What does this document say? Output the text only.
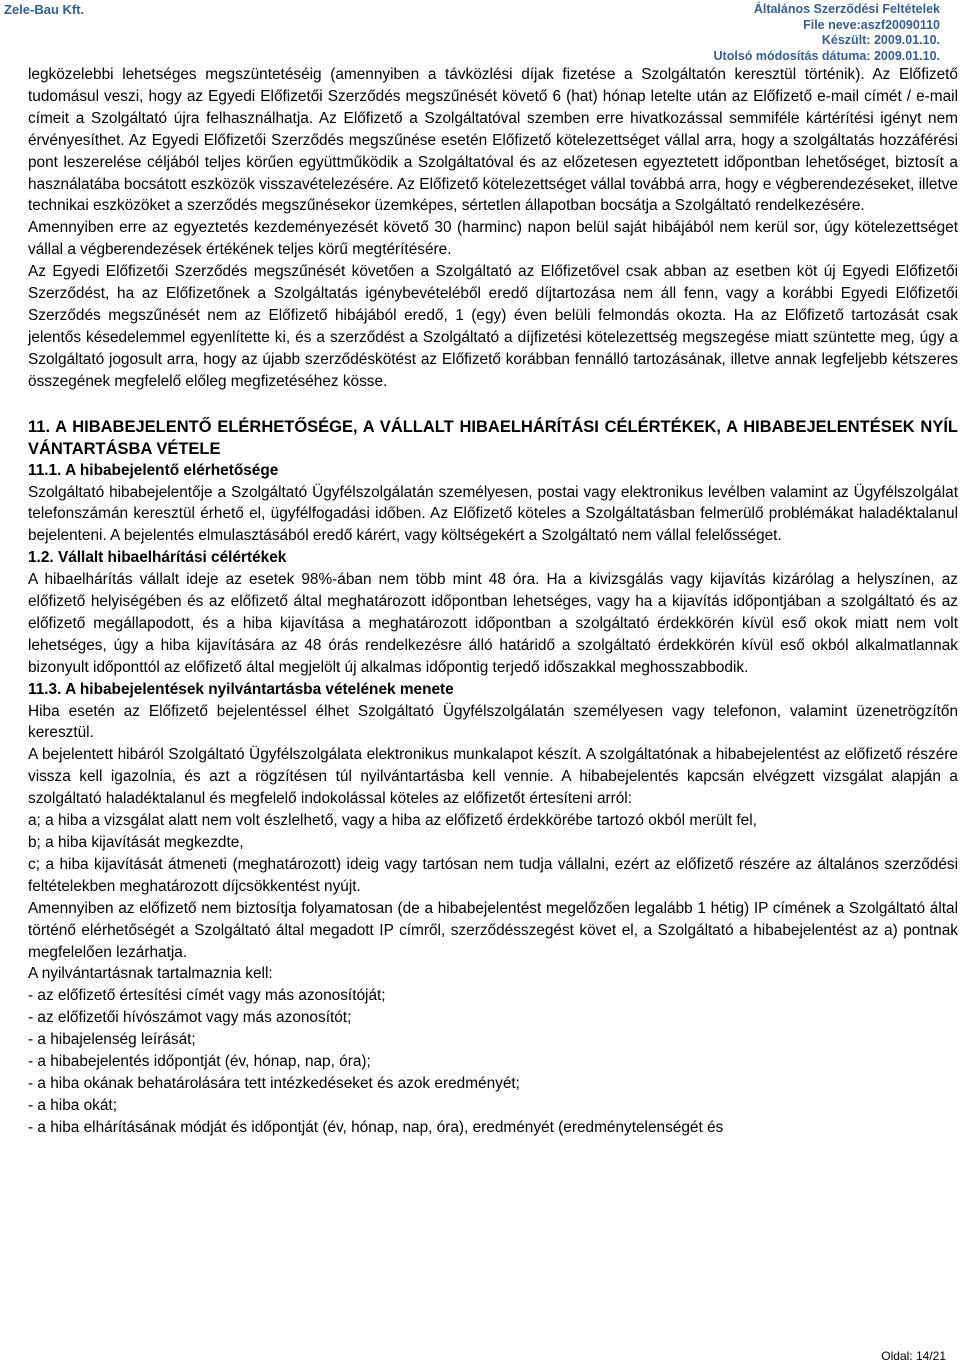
Zele-Bau Kft.	Általános Szerződési Feltételek
File neve:aszf20090110
Készült: 2009.01.10.
Utolsó módosítás dátuma: 2009.01.10.

legközelebbi lehetséges megszüntetéséig (amennyiben a távközlési díjak fizetése a Szolgáltatón keresztül történik). Az Előfizető tudomásul veszi, hogy az Egyedi Előfizetői Szerződés megszűnését követő 6 (hat) hónap letelte után az Előfizető e-mail címét / e-mail címeit a Szolgáltató újra felhasználhatja. Az Előfizető a Szolgáltatóval szemben erre hivatkozással semmiféle kártérítési igényt nem érvényesíthet. Az Egyedi Előfizetői Szerződés megszűnése esetén Előfizető kötelezettséget vállal arra, hogy a szolgáltatás hozzáférési pont leszerelése céljából teljes körűen együttműködik a Szolgáltatóval és az előzetesen egyeztetett időpontban lehetőséget, biztosít a használatába bocsátott eszközök visszavételezésére. Az Előfizető kötelezettséget vállal továbbá arra, hogy e végberendezéseket, illetve technikai eszközöket a szerződés megszűnésekor üzemképes, sértetlen állapotban bocsátja a Szolgáltató rendelkezésére.

Amennyiben erre az egyeztetés kezdeményezését követő 30 (harminc) napon belül saját hibájából nem kerül sor, úgy kötelezettséget vállal a végberendezések értékének teljes körű megtérítésére.

Az Egyedi Előfizetői Szerződés megszűnését követően a Szolgáltató az Előfizetővel csak abban az esetben köt új Egyedi Előfizetői Szerződést, ha az Előfizetőnek a Szolgáltatás igénybevételéből eredő díjtartozása nem áll fenn, vagy a korábbi Egyedi Előfizetői Szerződés megszűnését nem az Előfizető hibájából eredő, 1 (egy) éven belüli felmondás okozta. Ha az Előfizető tartozását csak jelentős késedelemmel egyenlítette ki, és a szerződést a Szolgáltató a díjfizetési kötelezettség megszegése miatt szüntette meg, úgy a Szolgáltató jogosult arra, hogy az újabb szerződéskötést az Előfizető korábban fennálló tartozásának, illetve annak legfeljebb kétszeres összegének megfelelő előleg megfizetéséhez kösse.

11. A HIBABEJELENTŐ ELÉRHETŐSÉGE, A VÁLLALT HIBAELHÁRÍTÁSI CÉLÉRTÉKEK, A HIBABEJELENTÉSEK NYÍL VÁNTARTÁSBA VÉTELE

11.1. A hibabejelentő elérhetősége

Szolgáltató hibabejelentője a Szolgáltató Ügyfélszolgálatán személyesen, postai vagy elektronikus levélben valamint az Ügyfélszolgálat telefonszámán keresztül érhető el, ügyfélfogadási időben. Az Előfizető köteles a Szolgáltatásban felmerülő problémákat haladéktalanul bejelenteni. A bejelentés elmulasztásából eredő kárért, vagy költségekért a Szolgáltató nem vállal felelősséget.

1.2. Vállalt hibaelhárítási célértékek

A hibaelhárítás vállalt ideje az esetek 98%-ában nem több mint 48 óra. Ha a kivizsgálás vagy kijavítás kizárólag a helyszínen, az előfizető helyiségében és az előfizető által meghatározott időpontban lehetséges, vagy ha a kijavítás időpontjában a szolgáltató és az előfizető megállapodott, és a hiba kijavítása a meghatározott időpontban a szolgáltató érdekkörén kívül eső okok miatt nem volt lehetséges, úgy a hiba kijavítására az 48 órás rendelkezésre álló határidő a szolgáltató érdekkörén kívül eső okból alkalmatlannak bizonyult időponttól az előfizető által megjelölt új alkalmas időpontig terjedő időszakkal meghosszabbodik.

11.3. A hibabejelentések nyilvántartásba vételének menete

Hiba esetén az Előfizető bejelentéssel élhet Szolgáltató Ügyfélszolgálatán személyesen vagy telefonon, valamint üzenetrögzítőn keresztül.

A bejelentett hibáról Szolgáltató Ügyfélszolgálata elektronikus munkalapot készít. A szolgáltatónak a hibabejelentést az előfizető részére vissza kell igazolnia, és azt a rögzítésen túl nyilvántartásba kell vennie. A hibabejelentés kapcsán elvégzett vizsgálat alapján a szolgáltató haladéktalanul és megfelelő indokolással köteles az előfizetőt értesíteni arról:

a; a hiba a vizsgálat alatt nem volt észlelhető, vagy a hiba az előfizető érdekkörébe tartozó okból merült fel,

b; a hiba kijavítását megkezdte,

c; a hiba kijavítását átmeneti (meghatározott) ideig vagy tartósan nem tudja vállalni, ezért az előfizető részére az általános szerződési feltételekben meghatározott díjcsökkentést nyújt.

Amennyiben az előfizető nem biztosítja folyamatosan (de a hibabejelentést megelőzően legalább 1 hétig) IP címének a Szolgáltató által történő elérhetőségét a Szolgáltató által megadott IP címről, szerződésszegést követ el, a Szolgáltató a hibabejelentést az a) pontnak megfelelően lezárhatja.

A nyilvántartásnak tartalmaznia kell:

- az előfizető értesítési címét vagy más azonosítóját;
- az előfizetői hívószámot vagy más azonosítót;
- a hibajelenség leírását;
- a hibabejelentés időpontját (év, hónap, nap, óra);
- a hiba okának behatárolására tett intézkedéseket és azok eredményét;
- a hiba okát;
- a hiba elhárításának módját és időpontját (év, hónap, nap, óra), eredményét (eredménytelenségét és
Oldal: 14/21
